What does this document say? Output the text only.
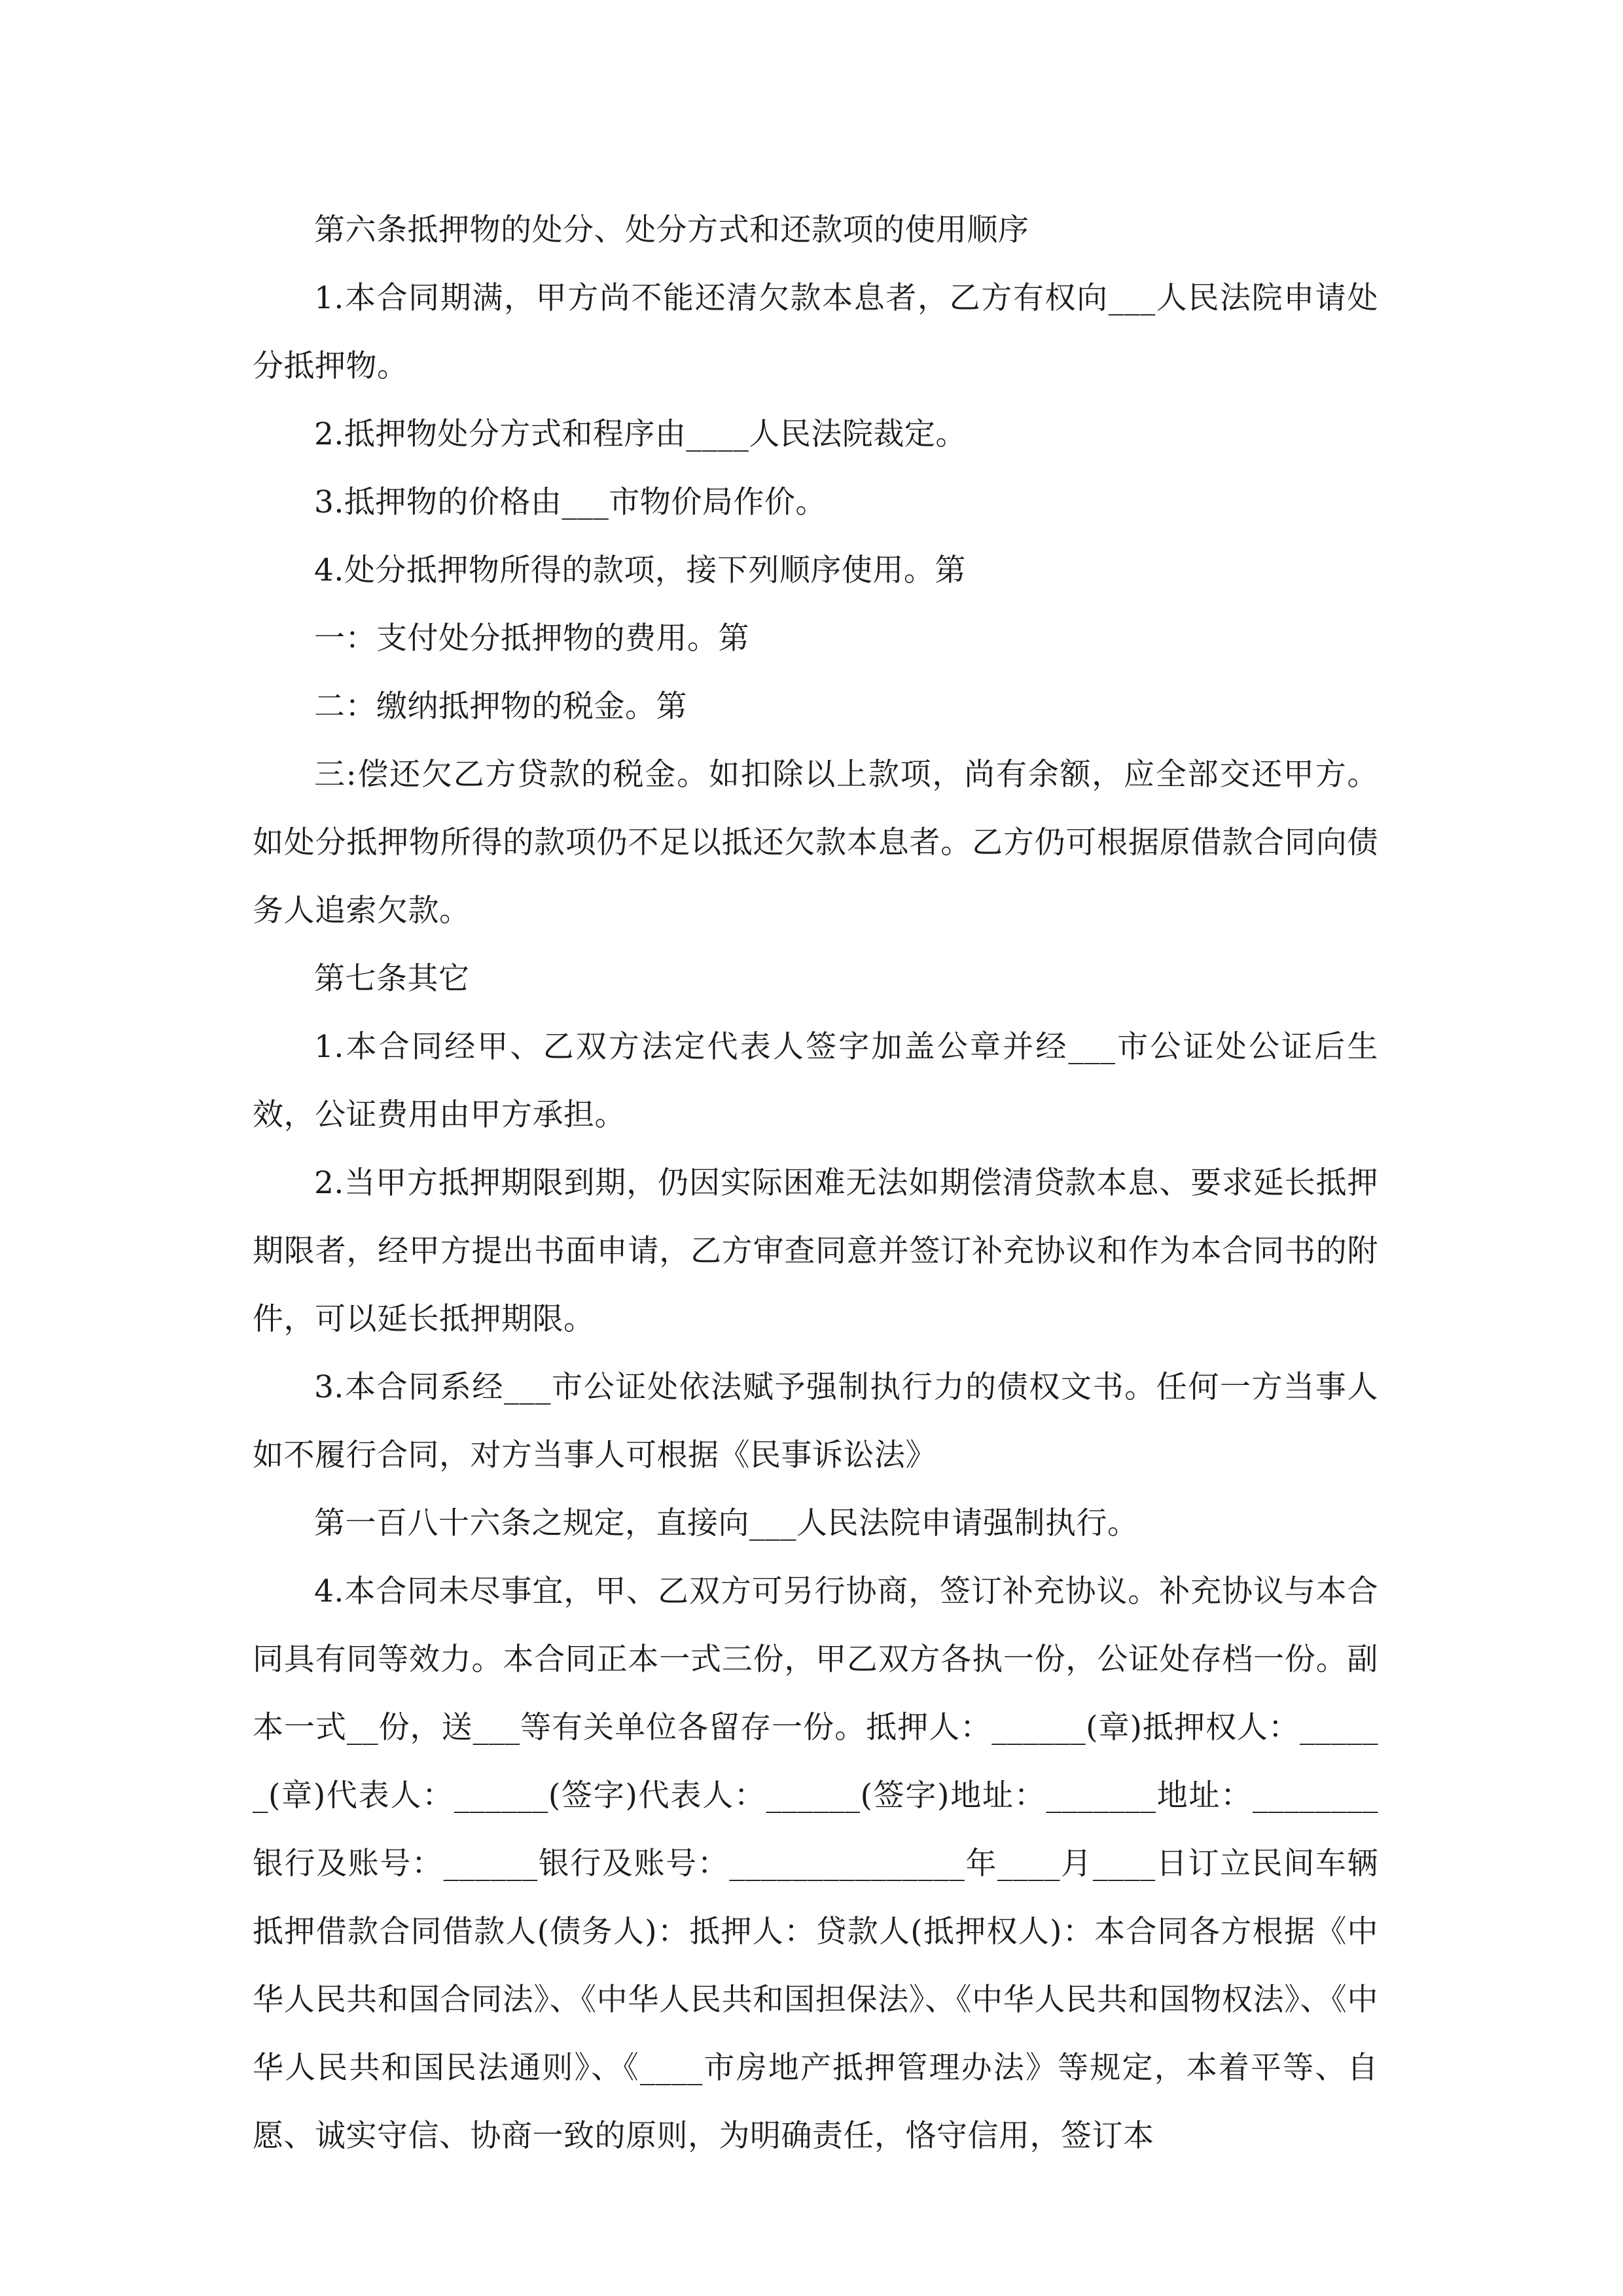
第六条抵押物的处分、处分方式和还款项的使用顺序

1.本合同期满，甲方尚不能还清欠款本息者，乙方有权向___人民法院申请处分抵押物。

2.抵押物处分方式和程序由____人民法院裁定。

3.抵押物的价格由___市物价局作价。

4.处分抵押物所得的款项，接下列顺序使用。第

一：支付处分抵押物的费用。第

二：缴纳抵押物的税金。第

三:偿还欠乙方贷款的税金。如扣除以上款项，尚有余额，应全部交还甲方。如处分抵押物所得的款项仍不足以抵还欠款本息者。乙方仍可根据原借款合同向债务人追索欠款。

第七条其它

1.本合同经甲、乙双方法定代表人签字加盖公章并经___市公证处公证后生效，公证费用由甲方承担。

2.当甲方抵押期限到期，仍因实际困难无法如期偿清贷款本息、要求延长抵押期限者，经甲方提出书面申请，乙方审查同意并签订补充协议和作为本合同书的附件，可以延长抵押期限。

3.本合同系经___市公证处依法赋予强制执行力的债权文书。任何一方当事人如不履行合同，对方当事人可根据《民事诉讼法》

第一百八十六条之规定，直接向___人民法院申请强制执行。

4.本合同未尽事宜，甲、乙双方可另行协商，签订补充协议。补充协议与本合同具有同等效力。本合同正本一式三份，甲乙双方各执一份，公证处存档一份。副本一式__份，送___等有关单位各留存一份。抵押人：______(章)抵押权人：______(章)代表人：______(签字)代表人：______(签字)地址：_______地址：________银行及账号：______银行及账号：_______________年____月____日订立民间车辆抵押借款合同借款人(债务人)：抵押人：贷款人(抵押权人)：本合同各方根据《中华人民共和国合同法》、《中华人民共和国担保法》、《中华人民共和国物权法》、《中华人民共和国民法通则》、《____市房地产抵押管理办法》等规定，本着平等、自愿、诚实守信、协商一致的原则，为明确责任，恪守信用，签订本
